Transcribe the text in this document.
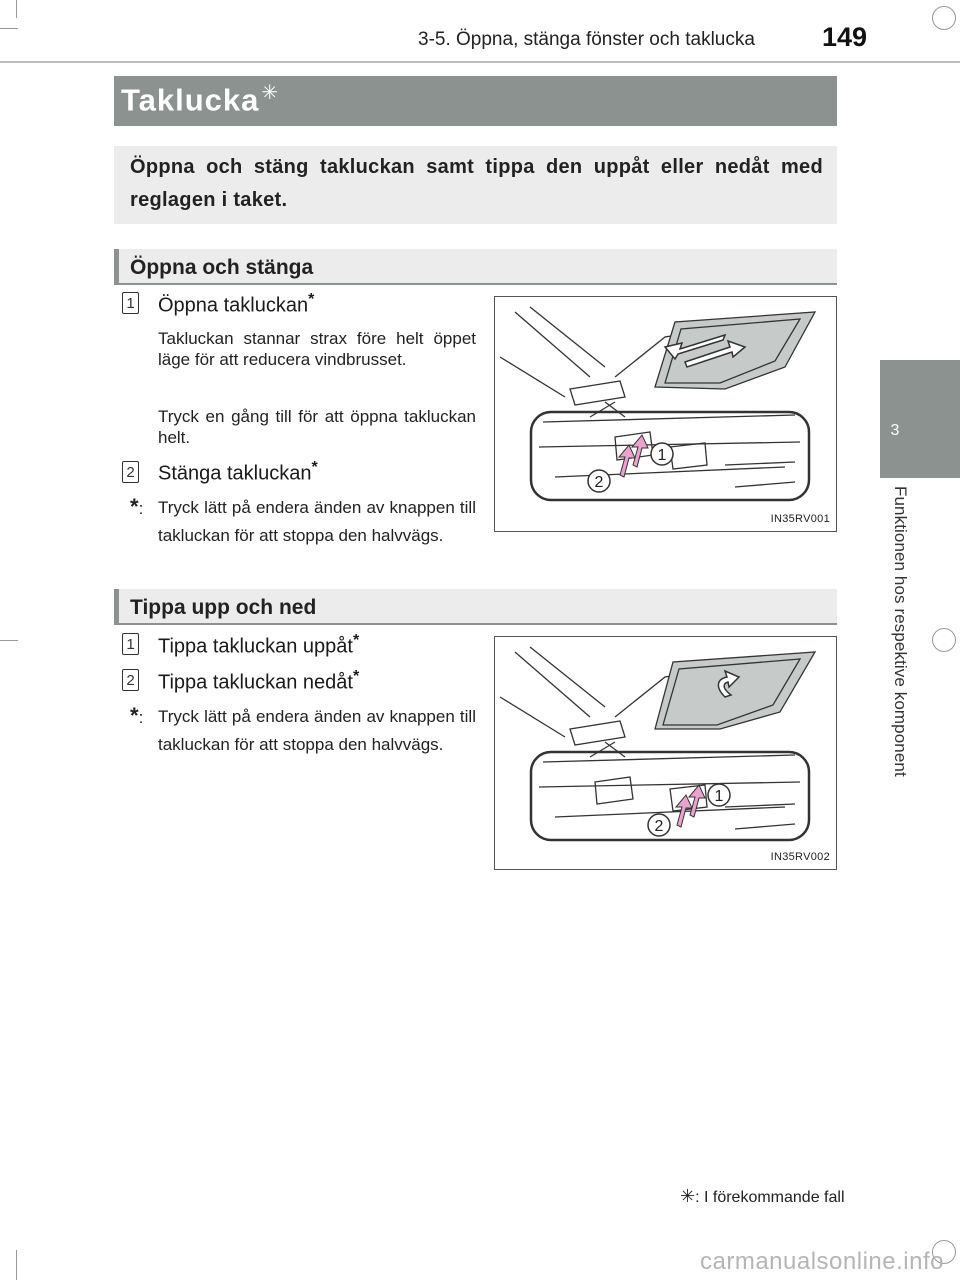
3-5. Öppna, stänga fönster och taklucka 149
3
Funktionen hos respektive komponent
Taklucka ✳
Öppna och stäng takluckan samt tippa den uppåt eller nedåt med reglagen i taket.
Öppna och stänga
1 Öppna takluckan*
Takluckan stannar strax före helt öppet läge för att reducera vindbrusset.
Tryck en gång till för att öppna takluckan helt.
2 Stänga takluckan*
*: Tryck lätt på endera änden av knappen till takluckan för att stoppa den halvvägs.
1
2
IN35RV001
Tippa upp och ned
1 Tippa takluckan uppåt*
2 Tippa takluckan nedåt*
*: Tryck lätt på endera änden av knappen till takluckan för att stoppa den halvvägs.
1
2
IN35RV002
✳: I förekommande fall
carmanualsonline.info
